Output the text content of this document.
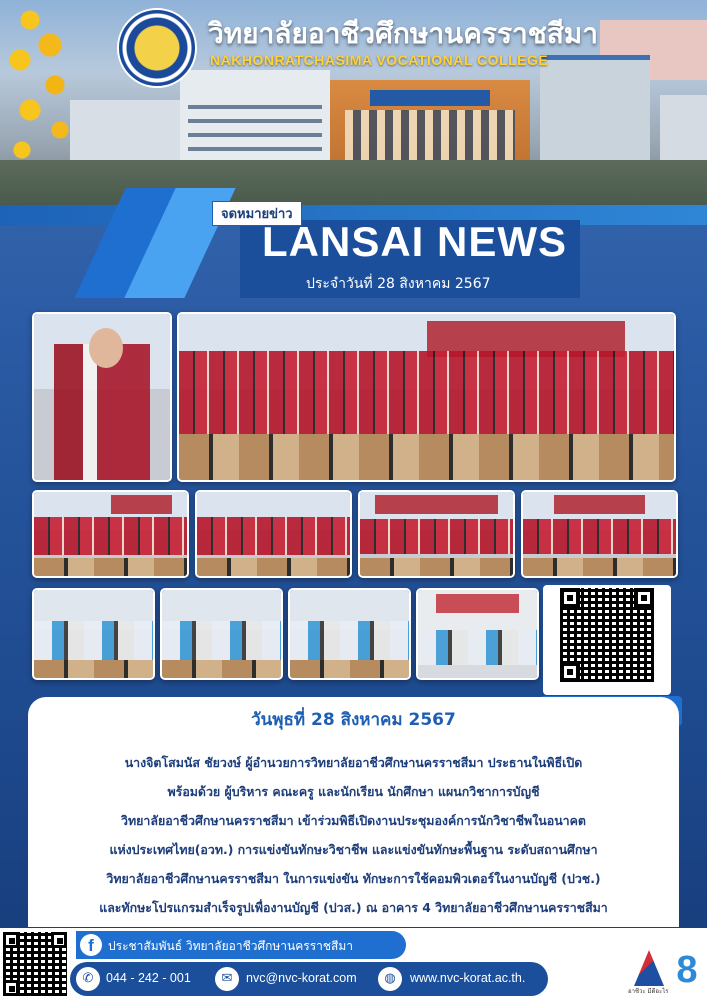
วิทยาลัยอาชีวศึกษานครราชสีมา
NAKHONRATCHASIMA VOCATIONAL COLLEGE
จดหมายข่าว
LANSAI NEWS
ประจำวันที่ 28 สิงหาคม 2567
วันพุธที่ 28 สิงหาคม 2567
นางจิตโสมนัส ชัยวงษ์ ผู้อำนวยการวิทยาลัยอาชีวศึกษานครราชสีมา ประธานในพิธีเปิด
พร้อมด้วย ผู้บริหาร คณะครู และนักเรียน นักศึกษา แผนกวิชาการบัญชี
วิทยาลัยอาชีวศึกษานครราชสีมา เข้าร่วมพิธีเปิดงานประชุมองค์การนักวิชาชีพในอนาคต
แห่งประเทศไทย(อวท.) การแข่งขันทักษะวิชาชีพ และแข่งขันทักษะพื้นฐาน ระดับสถานศึกษา
วิทยาลัยอาชีวศึกษานครราชสีมา ในการแข่งขัน ทักษะการใช้คอมพิวเตอร์ในงานบัญชี (ปวช.)
และทักษะโปรแกรมสำเร็จรูปเพื่องานบัญชี (ปวส.) ณ อาคาร 4 วิทยาลัยอาชีวศึกษานครราชสีมา
f	ประชาสัมพันธ์ วิทยาลัยอาชีวศึกษานครราชสีมา
✆	044 - 242 - 001	✉	nvc@nvc-korat.com	◍	www.nvc-korat.ac.th.
อาชีวะ มีดีอะไร
8
